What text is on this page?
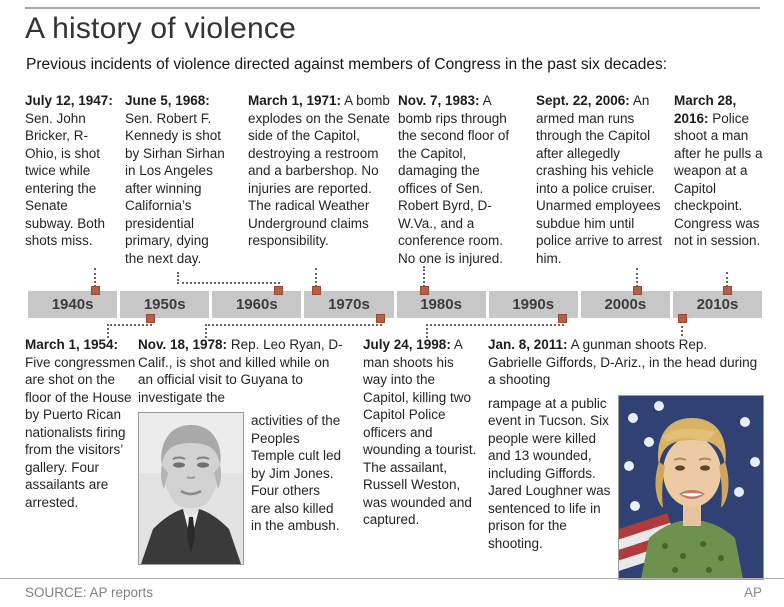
A history of violence
Previous incidents of violence directed against members of Congress in the past six decades:

July 12, 1947: Sen. John Bricker, R-Ohio, is shot twice while entering the Senate subway. Both shots miss.

June 5, 1968: Sen. Robert F. Kennedy is shot by Sirhan Sirhan in Los Angeles after winning California’s presidential primary, dying the next day.

March 1, 1971: A bomb explodes on the Senate side of the Capitol, destroying a restroom and a barbershop. No injuries are reported. The radical Weather Underground claims responsibility.

Nov. 7, 1983: A bomb rips through the second floor of the Capitol, damaging the offices of Sen. Robert Byrd, D-W.Va., and a conference room. No one is injured.

Sept. 22, 2006: An armed man runs through the Capitol after allegedly crashing his vehicle into a police cruiser. Unarmed employees subdue him until police arrive to arrest him.

March 28, 2016: Police shoot a man after he pulls a weapon at a Capitol checkpoint. Congress was not in session.

1940s	1950s	1960s	1970s	1980s	1990s	2000s	2010s

March 1, 1954: Five congressmen are shot on the floor of the House by Puerto Rican nationalists firing from the visitors’ gallery. Four assailants are arrested.

Nov. 18, 1978: Rep. Leo Ryan, D-Calif., is shot and killed while on an official visit to Guyana to investigate the

activities of the Peoples Temple cult led by Jim Jones. Four others are also killed in the ambush.

July 24, 1998: A man shoots his way into the Capitol, killing two Capitol Police officers and wounding a tourist. The assailant, Russell Weston, was wounded and captured.

Jan. 8, 2011: A gunman shoots Rep. Gabrielle Giffords, D-Ariz., in the head during a shooting

rampage at a public event in Tucson. Six people were killed and 13 wounded, including Giffords. Jared Loughner was sentenced to life in prison for the shooting.

SOURCE: AP reports	AP
